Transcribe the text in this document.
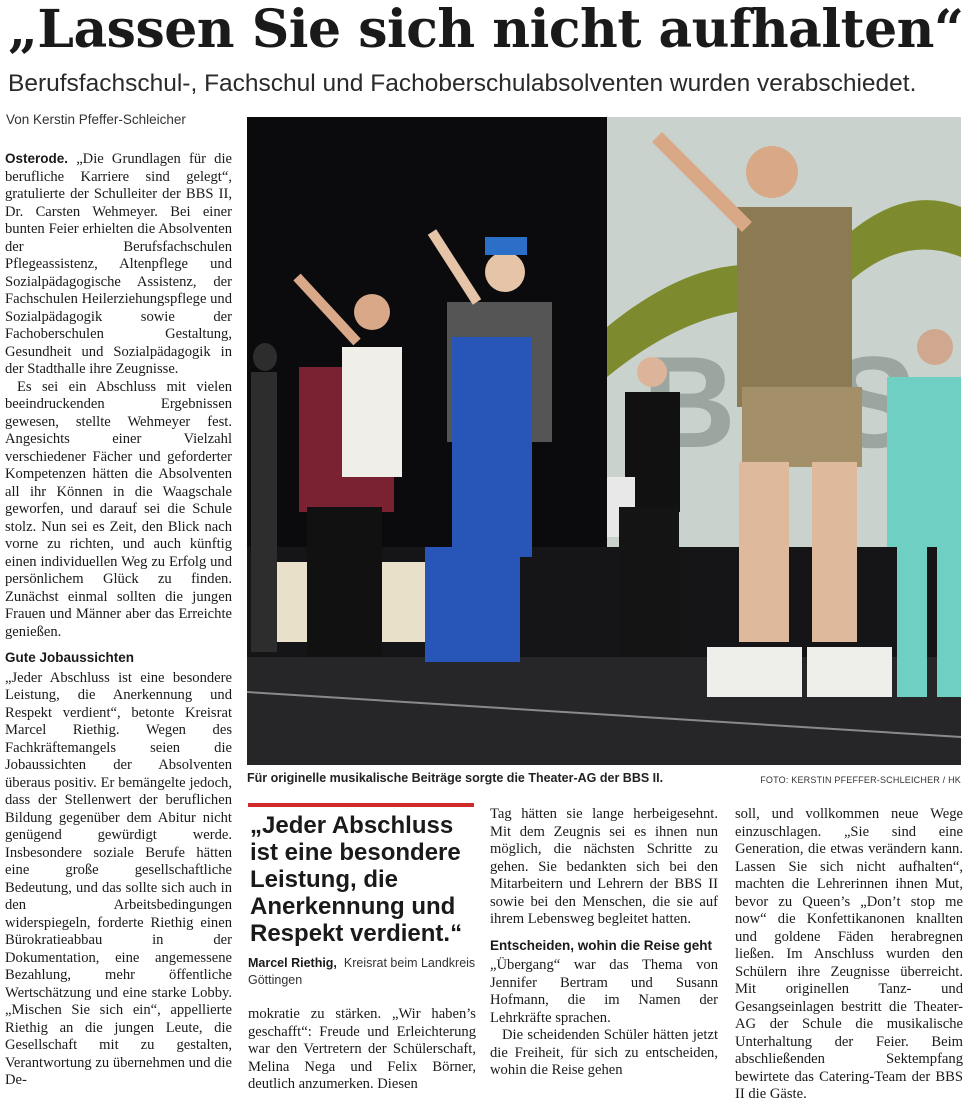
„Lassen Sie sich nicht aufhalten“
Berufsfachschul-, Fachschul und Fachoberschulabsolventen wurden verabschiedet.
Von Kerstin Pfeffer-Schleicher

Osterode. „Die Grundlagen für die berufliche Karriere sind gelegt“, gratulierte der Schulleiter der BBS II, Dr. Carsten Wehmeyer. Bei einer bunten Feier erhielten die Absolventen der Berufsfachschulen Pflegeassistenz, Altenpflege und Sozialpädagogische Assistenz, der Fachschulen Heilerziehungspflege und Sozialpädagogik sowie der Fachoberschulen Gestaltung, Gesundheit und Sozialpädagogik in der Stadthalle ihre Zeugnisse.

Es sei ein Abschluss mit vielen beeindruckenden Ergebnissen gewesen, stellte Wehmeyer fest. Angesichts einer Vielzahl verschiedener Fächer und geforderter Kompetenzen hätten die Absolventen all ihr Können in die Waagschale geworfen, und darauf sei die Schule stolz. Nun sei es Zeit, den Blick nach vorne zu richten, und auch künftig einen individuellen Weg zu Erfolg und persönlichem Glück zu finden. Zunächst einmal sollten die jungen Frauen und Männer aber das Erreichte genießen.

Gute Jobaussichten

„Jeder Abschluss ist eine besondere Leistung, die Anerkennung und Respekt verdient“, betonte Kreisrat Marcel Riethig. Wegen des Fachkräftemangels seien die Jobaussichten der Absolventen überaus positiv. Er bemängelte jedoch, dass der Stellenwert der beruflichen Bildung gegenüber dem Abitur nicht genügend gewürdigt werde. Insbesondere soziale Berufe hätten eine große gesellschaftliche Bedeutung, und das sollte sich auch in den Arbeitsbedingungen widerspiegeln, forderte Riethig einen Bürokratieabbau in der Dokumentation, eine angemessene Bezahlung, mehr öffentliche Wertschätzung und eine starke Lobby. „Mischen Sie sich ein“, appellierte Riethig an die jungen Leute, die Gesellschaft mit zu gestalten, Verantwortung zu übernehmen und die De-

Für originelle musikalische Beiträge sorgte die Theater-AG der BBS II.	FOTO: KERSTIN PFEFFER-SCHLEICHER / HK
„Jeder Abschluss ist eine besondere Leistung, die Anerkennung und Respekt verdient.“
Marcel Riethig, Kreisrat beim Landkreis Göttingen

mokratie zu stärken. „Wir haben’s geschafft“: Freude und Erleichterung war den Vertretern der Schülerschaft, Melina Nega und Felix Börner, deutlich anzumerken. Diesen

Tag hätten sie lange herbeigesehnt. Mit dem Zeugnis sei es ihnen nun möglich, die nächsten Schritte zu gehen. Sie bedankten sich bei den Mitarbeitern und Lehrern der BBS II sowie bei den Menschen, die sie auf ihrem Lebensweg begleitet hatten.

Entscheiden, wohin die Reise geht

„Übergang“ war das Thema von Jennifer Bertram und Susann Hofmann, die im Namen der Lehrkräfte sprachen.

Die scheidenden Schüler hätten jetzt die Freiheit, für sich zu entscheiden, wohin die Reise gehen

soll, und vollkommen neue Wege einzuschlagen. „Sie sind eine Generation, die etwas verändern kann. Lassen Sie sich nicht aufhalten“, machten die Lehrerinnen ihnen Mut, bevor zu Queen’s „Don’t stop me now“ die Konfettikanonen knallten und goldene Fäden herabregnen ließen. Im Anschluss wurden den Schülern ihre Zeugnisse überreicht. Mit originellen Tanz- und Gesangseinlagen bestritt die Theater-AG der Schule die musikalische Unterhaltung der Feier. Beim abschließenden Sektempfang bewirtete das Catering-Team der BBS II die Gäste.
